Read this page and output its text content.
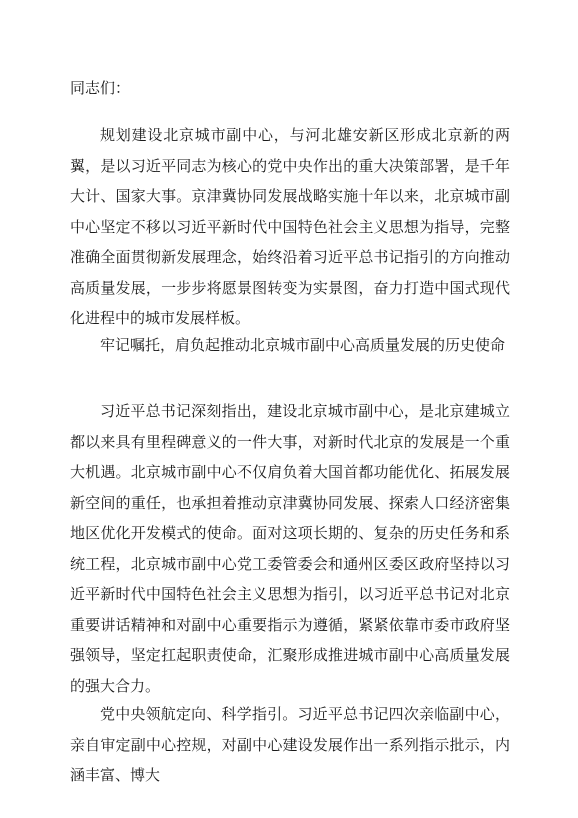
同志们：

规划建设北京城市副中心，与河北雄安新区形成北京新的两翼，是以习近平同志为核心的党中央作出的重大决策部署，是千年大计、国家大事。京津冀协同发展战略实施十年以来，北京城市副中心坚定不移以习近平新时代中国特色社会主义思想为指导，完整准确全面贯彻新发展理念，始终沿着习近平总书记指引的方向推动高质量发展，一步步将愿景图转变为实景图，奋力打造中国式现代化进程中的城市发展样板。

牢记嘱托，肩负起推动北京城市副中心高质量发展的历史使命

习近平总书记深刻指出，建设北京城市副中心，是北京建城立都以来具有里程碑意义的一件大事，对新时代北京的发展是一个重大机遇。北京城市副中心不仅肩负着大国首都功能优化、拓展发展新空间的重任，也承担着推动京津冀协同发展、探索人口经济密集地区优化开发模式的使命。面对这项长期的、复杂的历史任务和系统工程，北京城市副中心党工委管委会和通州区委区政府坚持以习近平新时代中国特色社会主义思想为指引，以习近平总书记对北京重要讲话精神和对副中心重要指示为遵循，紧紧依靠市委市政府坚强领导，坚定扛起职责使命，汇聚形成推进城市副中心高质量发展的强大合力。

党中央领航定向、科学指引。习近平总书记四次亲临副中心，亲自审定副中心控规，对副中心建设发展作出一系列指示批示，内涵丰富、博大
